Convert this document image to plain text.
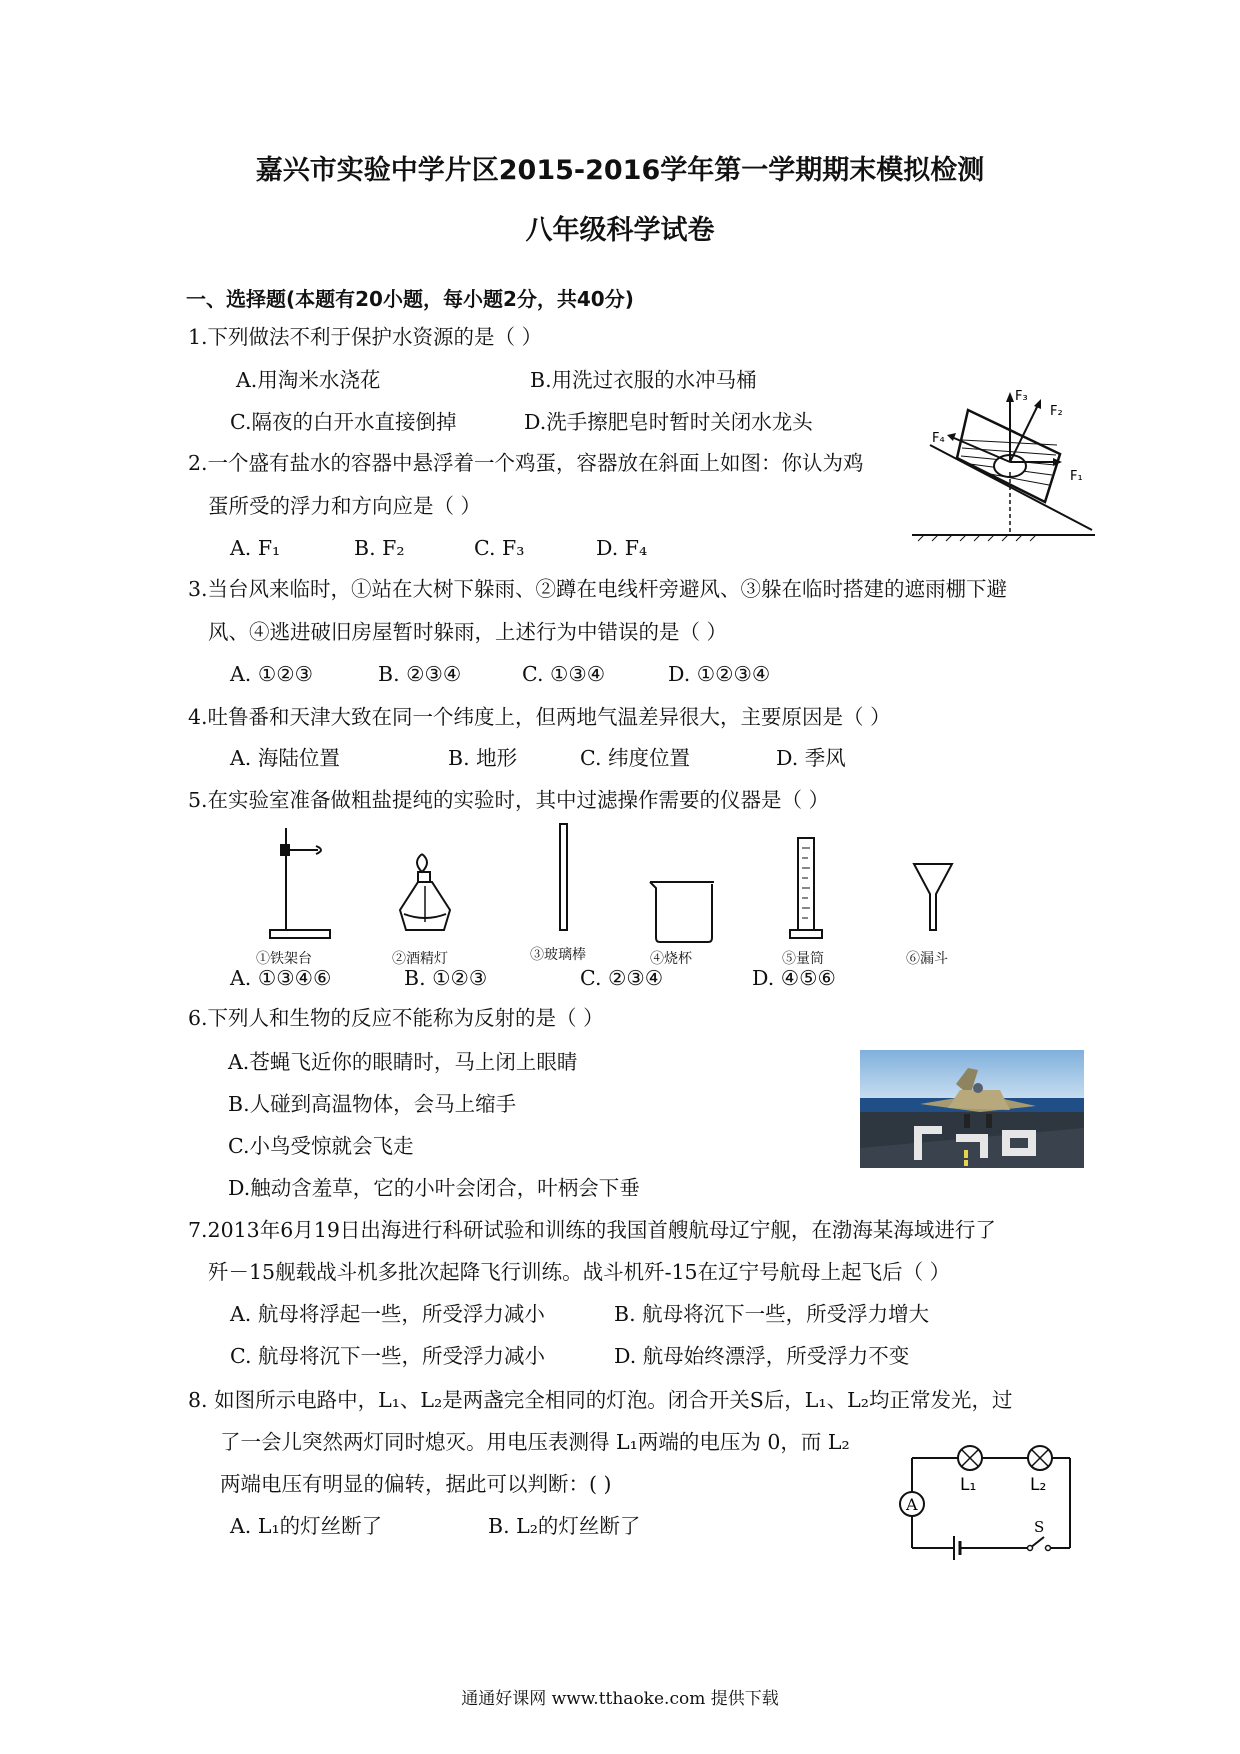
嘉兴市实验中学片区2015-2016学年第一学期期末模拟检测
八年级科学试卷
一、选择题(本题有20小题，每小题2分，共40分)
1.下列做法不利于保护水资源的是（ ）
A.用淘米水浇花	B.用洗过衣服的水冲马桶
C.隔夜的白开水直接倒掉	D.洗手擦肥皂时暂时关闭水龙头
F₃
F₂
F₄
F₁
2.一个盛有盐水的容器中悬浮着一个鸡蛋，容器放在斜面上如图：你认为鸡
蛋所受的浮力和方向应是（ ）
A. F₁	B. F₂	C. F₃	D. F₄
3.当台风来临时，①站在大树下躲雨、②蹲在电线杆旁避风、③躲在临时搭建的遮雨棚下避
风、④逃进破旧房屋暂时躲雨，上述行为中错误的是（ ）
A. ①②③	B. ②③④	C. ①③④	D. ①②③④
4.吐鲁番和天津大致在同一个纬度上，但两地气温差异很大，主要原因是（ ）
A. 海陆位置	B. 地形	C. 纬度位置	D. 季风
5.在实验室准备做粗盐提纯的实验时，其中过滤操作需要的仪器是（ ）
①铁架台	②酒精灯	③玻璃棒	④烧杯	⑤量筒	⑥漏斗
A. ①③④⑥	B. ①②③	C. ②③④	D. ④⑤⑥
6.下列人和生物的反应不能称为反射的是（ ）
A.苍蝇飞近你的眼睛时，马上闭上眼睛
B.人碰到高温物体，会马上缩手
C.小鸟受惊就会飞走
D.触动含羞草，它的小叶会闭合，叶柄会下垂
7.2013年6月19日出海进行科研试验和训练的我国首艘航母辽宁舰，在渤海某海域进行了
歼－15舰载战斗机多批次起降飞行训练。战斗机歼-15在辽宁号航母上起飞后（ ）
A. 航母将浮起一些，所受浮力减小	B. 航母将沉下一些，所受浮力增大
C. 航母将沉下一些，所受浮力减小	D. 航母始终漂浮，所受浮力不变
8. 如图所示电路中，L₁、L₂是两盏完全相同的灯泡。闭合开关S后，L₁、L₂均正常发光，过
了一会儿突然两灯同时熄灭。用电压表测得 L₁两端的电压为 0，而 L₂
两端电压有明显的偏转，据此可以判断：( )
A. L₁的灯丝断了	B. L₂的灯丝断了
A
L₁	L₂
S
通通好课网 www.tthaoke.com 提供下载
